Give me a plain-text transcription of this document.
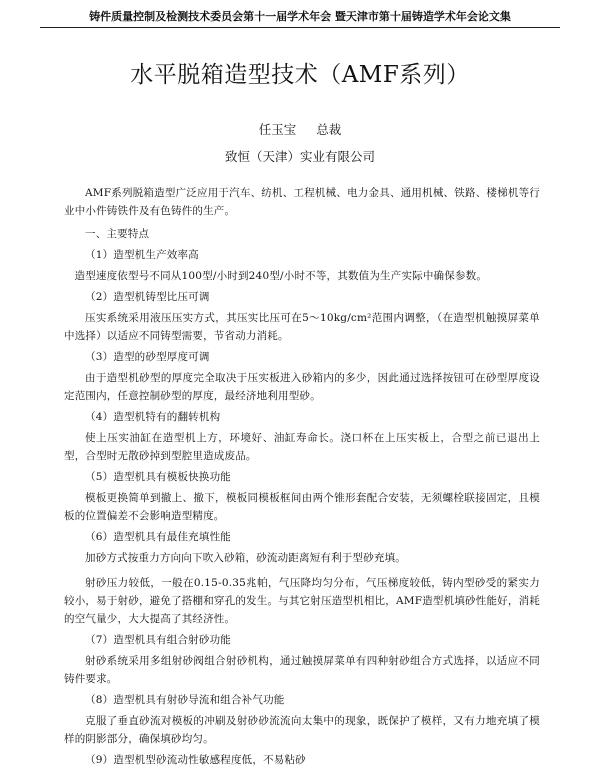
铸件质量控制及检测技术委员会第十一届学术年会 暨天津市第十届铸造学术年会论文集
水平脱箱造型技术（AMF系列）
任玉宝 总裁
致恒（天津）实业有限公司

AMF系列脱箱造型广泛应用于汽车、纺机、工程机械、电力金具、通用机械、铁路、楼梯机等行业中小件铸铁件及有色铸件的生产。

一、主要特点

（1）造型机生产效率高

造型速度依型号不同从100型/小时到240型/小时不等，其数值为生产实际中确保参数。

（2）造型机铸型比压可调

压实系统采用液压压实方式，其压实比压可在5～10kg/cm²范围内调整，（在造型机触摸屏菜单中选择）以适应不同铸型需要，节省动力消耗。

（3）造型的砂型厚度可调

由于造型机砂型的厚度完全取决于压实板进入砂箱内的多少，因此通过选择按钮可在砂型厚度设定范围内，任意控制砂型的厚度，最经济地利用型砂。

（4）造型机特有的翻转机构

使上压实油缸在造型机上方，环境好、油缸寿命长。浇口杯在上压实板上，合型之前已退出上型，合型时无散砂掉到型腔里造成废品。

（5）造型机具有模板快换功能

模板更换简单到撤上、撤下，模板同模板框间由两个锥形套配合安装，无须螺栓联接固定，且模板的位置偏差不会影响造型精度。

（6）造型机具有最佳充填性能

加砂方式按重力方向向下吹入砂箱，砂流动距离短有利于型砂充填。

射砂压力较低，一般在0.15-0.35兆帕，气压降均匀分布，气压梯度较低，铸内型砂受的紧实力较小，易于射砂，避免了搭棚和穿孔的发生。与其它射压造型机相比，AMF造型机填砂性能好，消耗的空气量少，大大提高了其经济性。

（7）造型机具有组合射砂功能

射砂系统采用多组射砂阀组合射砂机构，通过触摸屏菜单有四种射砂组合方式选择，以适应不同铸件要求。

（8）造型机具有射砂导流和组合补气功能

克服了垂直砂流对模板的冲刷及射砂砂流流向太集中的现象，既保护了模样，又有力地充填了模样的阴影部分，确保填砂均匀。

（9）造型机型砂流动性敏感程度低，不易粘砂
